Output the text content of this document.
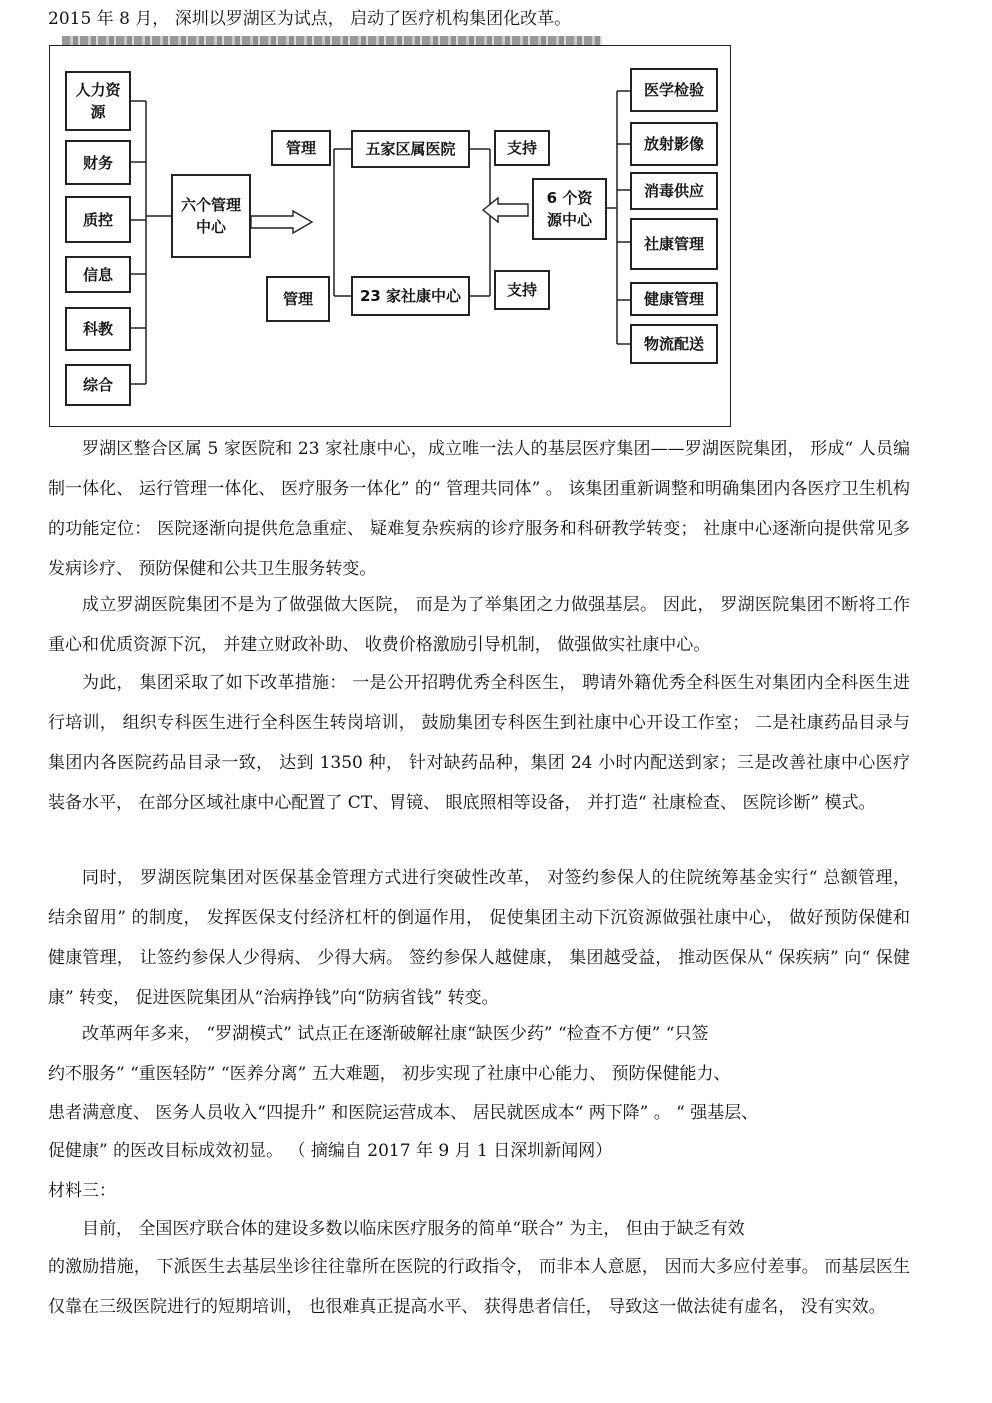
2015 年 8 月， 深圳以罗湖区为试点， 启动了医疗机构集团化改革。
人力资源
财务
质控
信息
科教
综合
六个管理中心
管理
管理
五家区属医院
23 家社康中心
支持
支持
6 个资源中心
医学检验
放射影像
消毒供应
社康管理
健康管理
物流配送
罗湖区整合区属 5 家医院和 23 家社康中心，成立唯一法人的基层医疗集团——罗湖医院集团， 形成“ 人员编制一体化、 运行管理一体化、 医疗服务一体化” 的“ 管理共同体” 。 该集团重新调整和明确集团内各医疗卫生机构的功能定位： 医院逐渐向提供危急重症、 疑难复杂疾病的诊疗服务和科研教学转变； 社康中心逐渐向提供常见多发病诊疗、 预防保健和公共卫生服务转变。
成立罗湖医院集团不是为了做强做大医院， 而是为了举集团之力做强基层。 因此， 罗湖医院集团不断将工作重心和优质资源下沉， 并建立财政补助、 收费价格激励引导机制， 做强做实社康中心。
为此， 集团采取了如下改革措施： 一是公开招聘优秀全科医生， 聘请外籍优秀全科医生对集团内全科医生进行培训， 组织专科医生进行全科医生转岗培训， 鼓励集团专科医生到社康中心开设工作室； 二是社康药品目录与集团内各医院药品目录一致， 达到 1350 种， 针对缺药品种，集团 24 小时内配送到家；三是改善社康中心医疗装备水平， 在部分区域社康中心配置了 CT、胃镜、 眼底照相等设备， 并打造“ 社康检查、 医院诊断” 模式。
同时， 罗湖医院集团对医保基金管理方式进行突破性改革， 对签约参保人的住院统筹基金实行“ 总额管理， 结余留用” 的制度， 发挥医保支付经济杠杆的倒逼作用， 促使集团主动下沉资源做强社康中心， 做好预防保健和健康管理， 让签约参保人少得病、 少得大病。 签约参保人越健康， 集团越受益， 推动医保从“ 保疾病” 向“ 保健康” 转变， 促进医院集团从“治病挣钱”向“防病省钱” 转变。
改革两年多来， “罗湖模式” 试点正在逐渐破解社康“缺医少药” “检查不方便” “只签
约不服务” “重医轻防” “医养分离” 五大难题， 初步实现了社康中心能力、 预防保健能力、
患者满意度、 医务人员收入“四提升” 和医院运营成本、 居民就医成本“ 两下降” 。 “ 强基层、
促健康” 的医改目标成效初显。 （ 摘编自 2017 年 9 月 1 日深圳新闻网）
材料三：
目前， 全国医疗联合体的建设多数以临床医疗服务的简单“联合” 为主， 但由于缺乏有效
的激励措施， 下派医生去基层坐诊往往靠所在医院的行政指令， 而非本人意愿， 因而大多应付差事。 而基层医生仅靠在三级医院进行的短期培训， 也很难真正提高水平、 获得患者信任， 导致这一做法徒有虚名， 没有实效。
